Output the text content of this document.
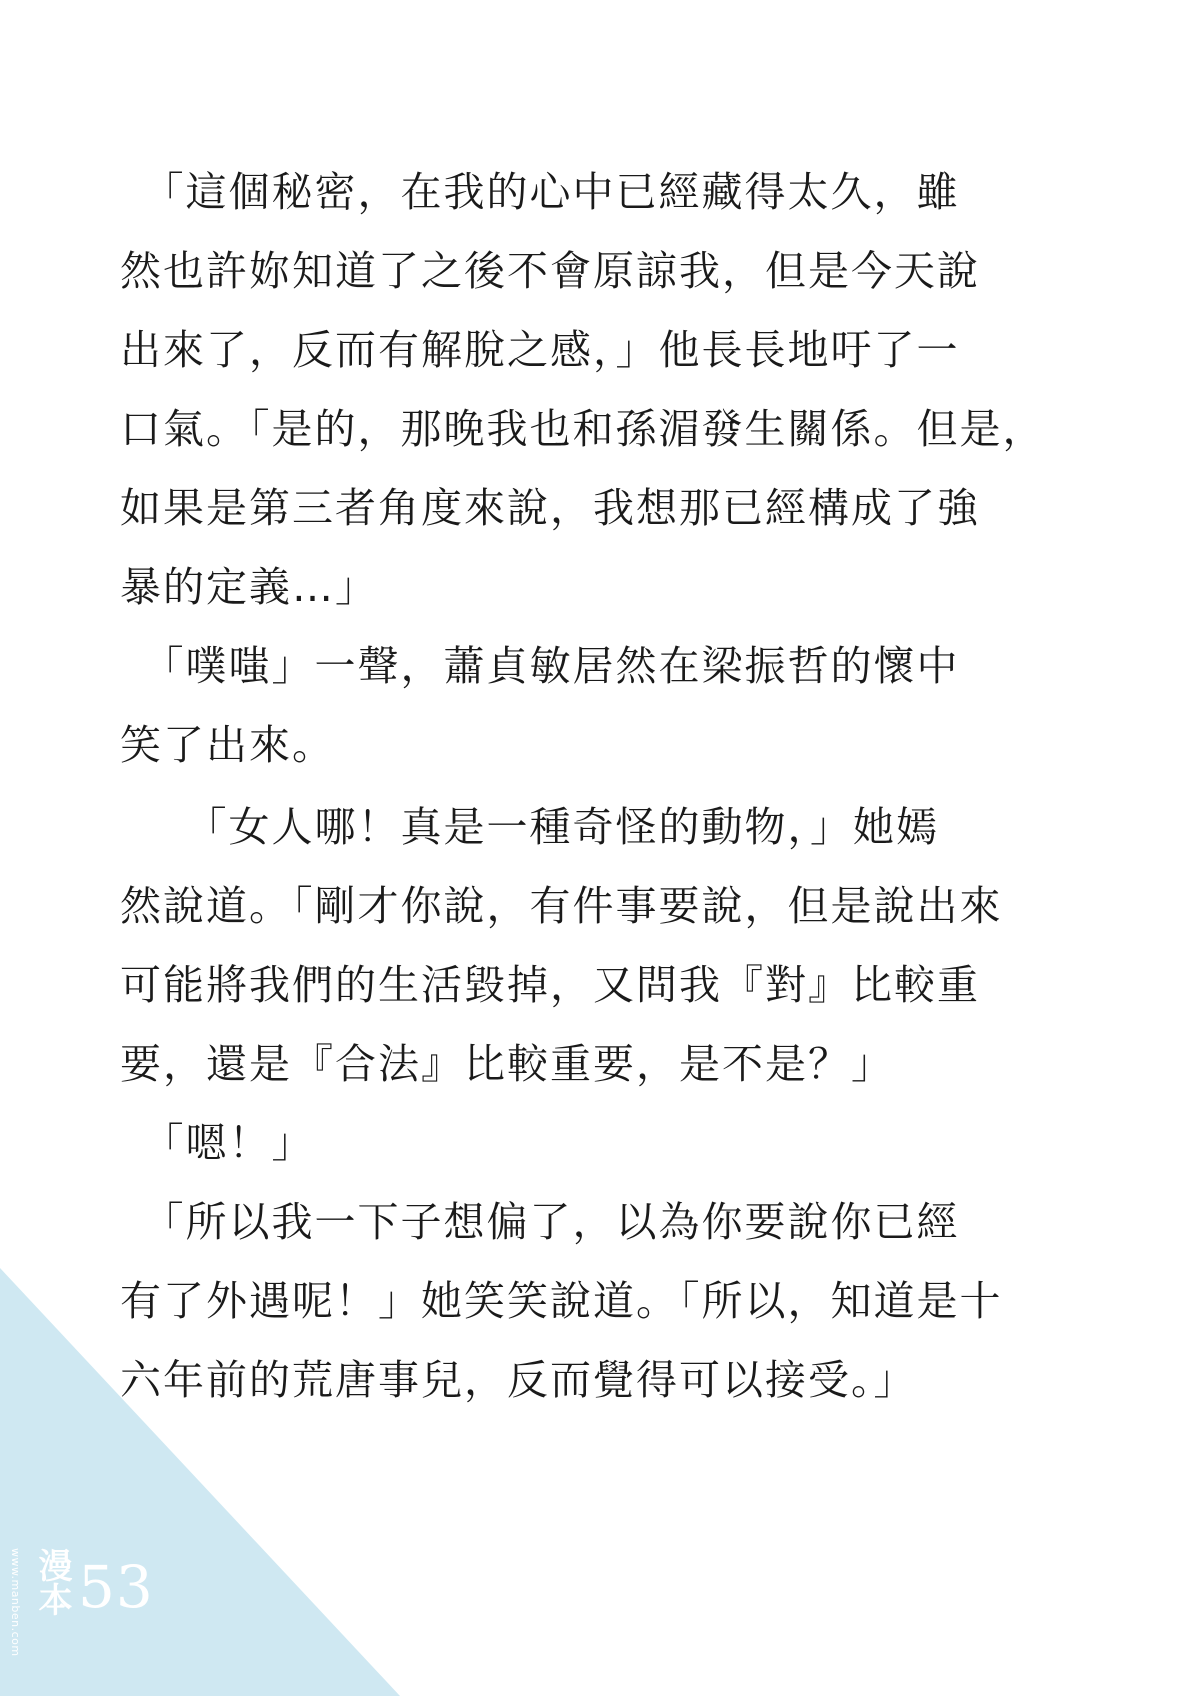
　「這個秘密，在我的心中已經藏得太久，雖
然也許妳知道了之後不會原諒我，但是今天說
出來了，反而有解脫之感，」他長長地吁了一
口氣。「是的，那晚我也和孫湄發生關係。但是，
如果是第三者角度來說，我想那已經構成了強
暴的定義…」
　「噗嗤」一聲，蕭貞敏居然在梁振哲的懷中
笑了出來。
　　「女人哪！真是一種奇怪的動物，」她嫣
然說道。「剛才你說，有件事要說，但是說出來
可能將我們的生活毀掉，又問我『對』比較重
要，還是『合法』比較重要，是不是？」
　「嗯！」
　「所以我一下子想偏了，以為你要說你已經
有了外遇呢！」她笑笑說道。「所以，知道是十
六年前的荒唐事兒，反而覺得可以接受。」
www.manben.com 漫本 53
